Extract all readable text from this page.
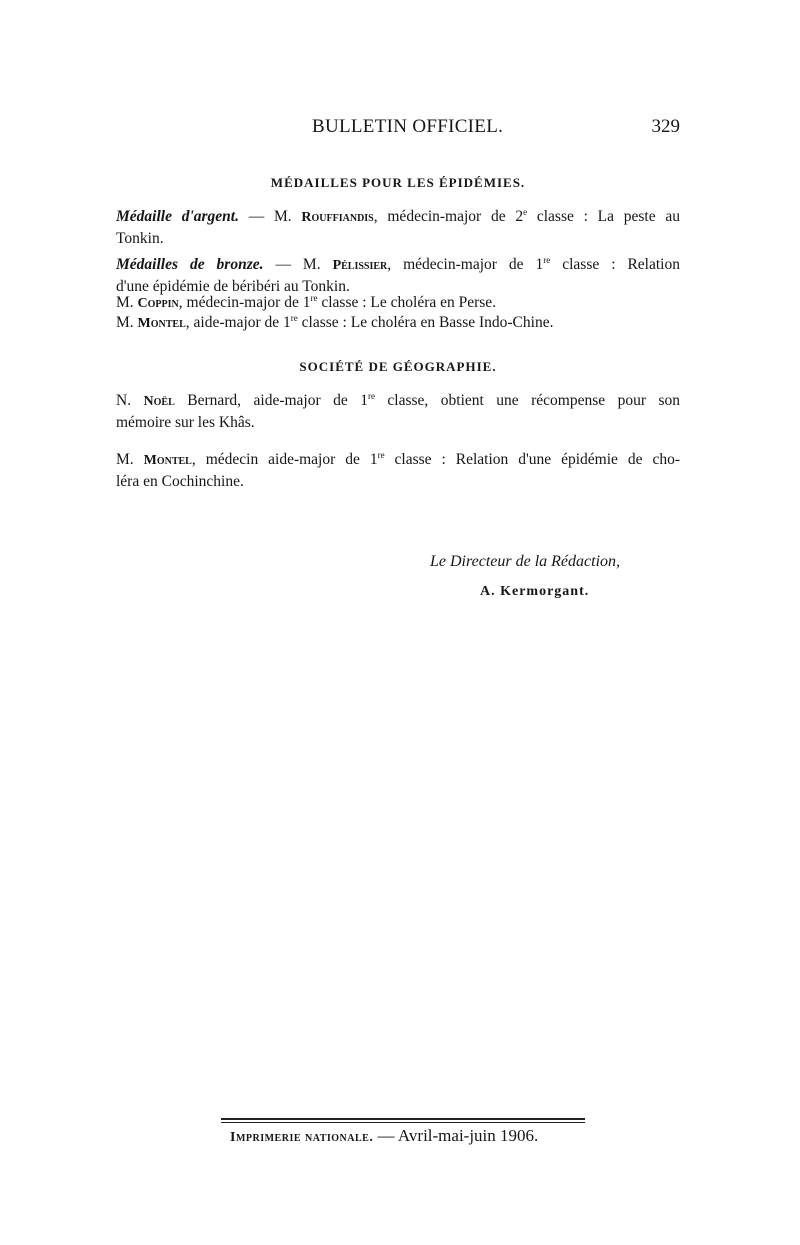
BULLETIN OFFICIEL.	329
MÉDAILLES POUR LES ÉPIDÉMIES.
Médaille d'argent. — M. Rouffiandis, médecin-major de 2e classe : La peste au
Tonkin.
Médailles de bronze. — M. Pélissier, médecin-major de 1re classe : Relation
d'une épidémie de béribéri au Tonkin.
M. Coppin, médecin-major de 1re classe : Le choléra en Perse.
M. Montel, aide-major de 1re classe : Le choléra en Basse Indo-Chine.
SOCIÉTÉ DE GÉOGRAPHIE.
N. Noël Bernard, aide-major de 1re classe, obtient une récompense pour son
mémoire sur les Khâs.
M. Montel, médecin aide-major de 1re classe : Relation d'une épidémie de cho-
léra en Cochinchine.
Le Directeur de la Rédaction,
A. Kermorgant.
Imprimerie nationale. — Avril-mai-juin 1906.
